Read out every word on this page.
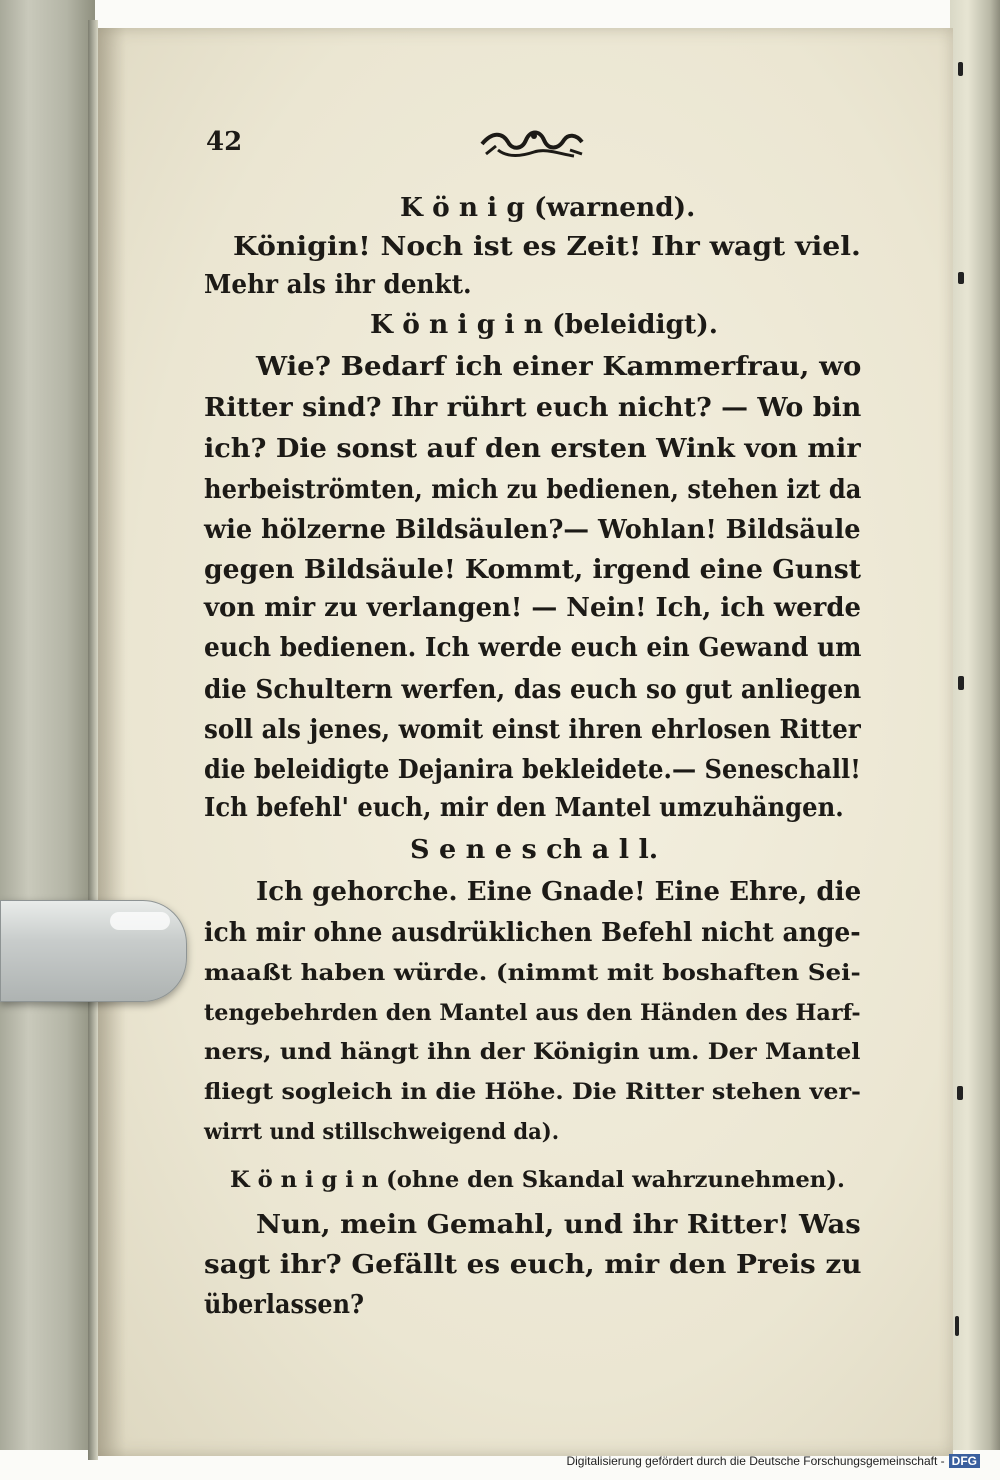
42
K ö n i g (warnend).
Königin! Noch ist es Zeit! Ihr wagt viel.
Mehr als ihr denkt.
K ö n i g i n (beleidigt).
Wie? Bedarf ich einer Kammerfrau, wo
Ritter sind? Ihr rührt euch nicht? — Wo bin
ich? Die sonst auf den ersten Wink von mir
herbeiströmten, mich zu bedienen, stehen izt da
wie hölzerne Bildsäulen?— Wohlan! Bildsäule
gegen Bildsäule! Kommt, irgend eine Gunst
von mir zu verlangen! — Nein! Ich, ich werde
euch bedienen. Ich werde euch ein Gewand um
die Schultern werfen, das euch so gut anliegen
soll als jenes, womit einst ihren ehrlosen Ritter
die beleidigte Dejanira bekleidete.— Seneschall!
Ich befehl' euch, mir den Mantel umzuhängen.
S e n e s ch a l l.
Ich gehorche. Eine Gnade! Eine Ehre, die
ich mir ohne ausdrüklichen Befehl nicht ange-
maaßt haben würde. (nimmt mit boshaften Sei-
tengebehrden den Mantel aus den Händen des Harf-
ners, und hängt ihn der Königin um. Der Mantel
fliegt sogleich in die Höhe. Die Ritter stehen ver-
wirrt und stillschweigend da).
K ö n i g i n (ohne den Skandal wahrzunehmen).
Nun, mein Gemahl, und ihr Ritter! Was
sagt ihr? Gefällt es euch, mir den Preis zu
überlassen?
Digitalisierung gefördert durch die Deutsche Forschungsgemeinschaft - DFG
